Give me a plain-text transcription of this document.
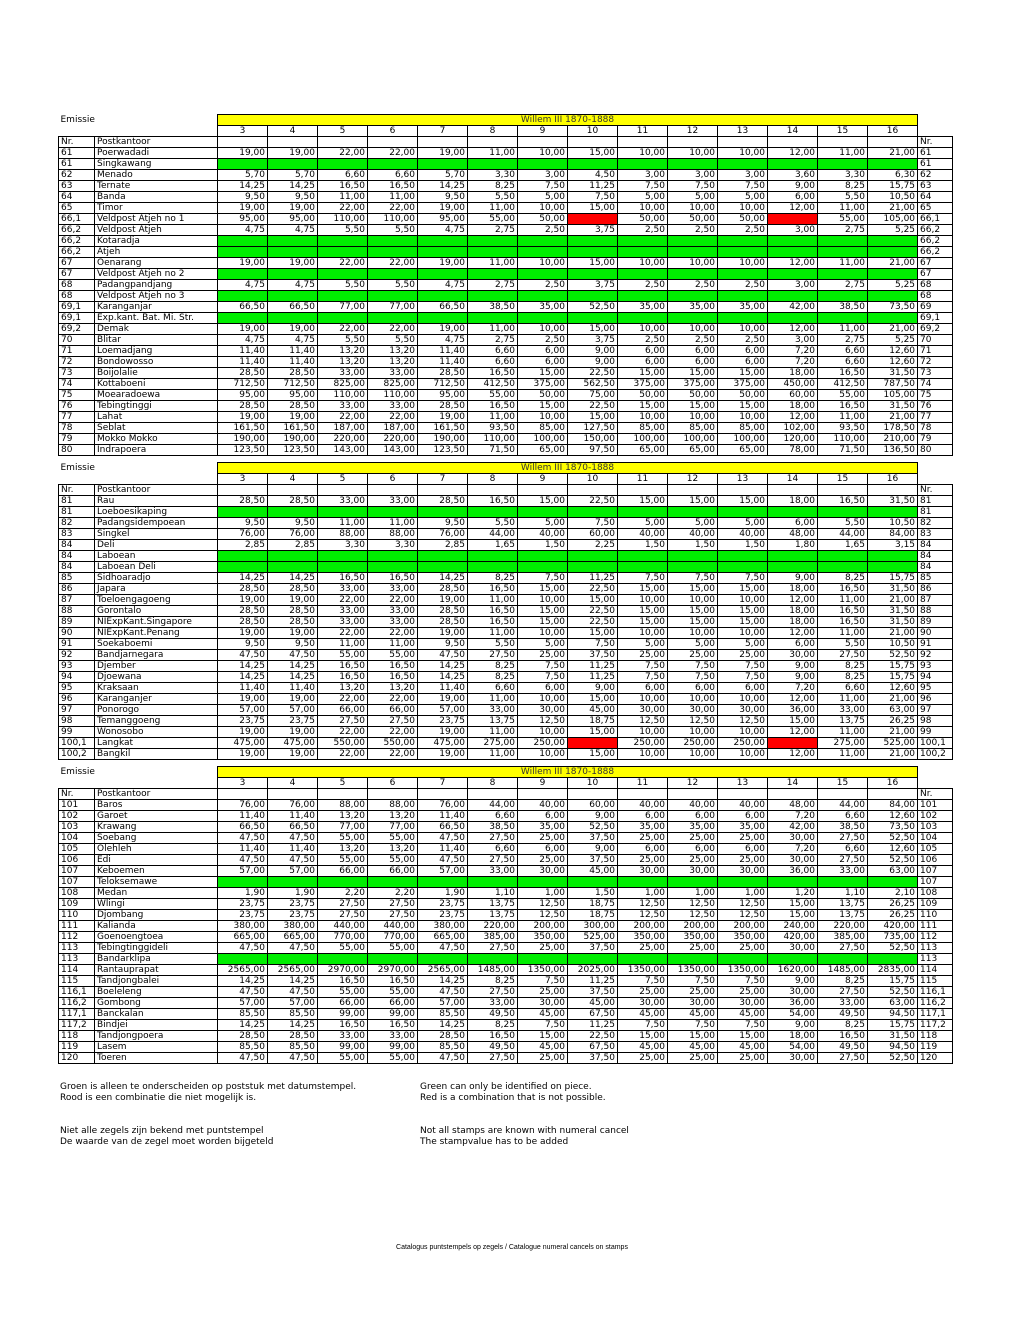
Emissie		Willem III 1870-1888														
		3	4	5	6	7	8	9	10	11	12	13	14	15	16	
Nr.	Postkantoor															Nr.
61	Poerwadadi	19,00	19,00	22,00	22,00	19,00	11,00	10,00	15,00	10,00	10,00	10,00	12,00	11,00	21,00	61
61	Singkawang															61
62	Menado	5,70	5,70	6,60	6,60	5,70	3,30	3,00	4,50	3,00	3,00	3,00	3,60	3,30	6,30	62
63	Ternate	14,25	14,25	16,50	16,50	14,25	8,25	7,50	11,25	7,50	7,50	7,50	9,00	8,25	15,75	63
64	Banda	9,50	9,50	11,00	11,00	9,50	5,50	5,00	7,50	5,00	5,00	5,00	6,00	5,50	10,50	64
65	Timor	19,00	19,00	22,00	22,00	19,00	11,00	10,00	15,00	10,00	10,00	10,00	12,00	11,00	21,00	65
66,1	Veldpost Atjeh no 1	95,00	95,00	110,00	110,00	95,00	55,00	50,00		50,00	50,00	50,00		55,00	105,00	66,1
66,2	Veldpost Atjeh	4,75	4,75	5,50	5,50	4,75	2,75	2,50	3,75	2,50	2,50	2,50	3,00	2,75	5,25	66,2
66,2	Kotaradja															66,2
66,2	Atjeh															66,2
67	Oenarang	19,00	19,00	22,00	22,00	19,00	11,00	10,00	15,00	10,00	10,00	10,00	12,00	11,00	21,00	67
67	Veldpost Atjeh no 2															67
68	Padangpandjang	4,75	4,75	5,50	5,50	4,75	2,75	2,50	3,75	2,50	2,50	2,50	3,00	2,75	5,25	68
68	Veldpost Atjeh no 3															68
69,1	Karanganjar	66,50	66,50	77,00	77,00	66,50	38,50	35,00	52,50	35,00	35,00	35,00	42,00	38,50	73,50	69
69,1	Exp.kant. Bat. Mi. Str.															69,1
69,2	Demak	19,00	19,00	22,00	22,00	19,00	11,00	10,00	15,00	10,00	10,00	10,00	12,00	11,00	21,00	69,2
70	Blitar	4,75	4,75	5,50	5,50	4,75	2,75	2,50	3,75	2,50	2,50	2,50	3,00	2,75	5,25	70
71	Loemadjang	11,40	11,40	13,20	13,20	11,40	6,60	6,00	9,00	6,00	6,00	6,00	7,20	6,60	12,60	71
72	Bondowosso	11,40	11,40	13,20	13,20	11,40	6,60	6,00	9,00	6,00	6,00	6,00	7,20	6,60	12,60	72
73	Boijolalie	28,50	28,50	33,00	33,00	28,50	16,50	15,00	22,50	15,00	15,00	15,00	18,00	16,50	31,50	73
74	Kottaboeni	712,50	712,50	825,00	825,00	712,50	412,50	375,00	562,50	375,00	375,00	375,00	450,00	412,50	787,50	74
75	Moearadoewa	95,00	95,00	110,00	110,00	95,00	55,00	50,00	75,00	50,00	50,00	50,00	60,00	55,00	105,00	75
76	Tebingtinggi	28,50	28,50	33,00	33,00	28,50	16,50	15,00	22,50	15,00	15,00	15,00	18,00	16,50	31,50	76
77	Lahat	19,00	19,00	22,00	22,00	19,00	11,00	10,00	15,00	10,00	10,00	10,00	12,00	11,00	21,00	77
78	Seblat	161,50	161,50	187,00	187,00	161,50	93,50	85,00	127,50	85,00	85,00	85,00	102,00	93,50	178,50	78
79	Mokko Mokko	190,00	190,00	220,00	220,00	190,00	110,00	100,00	150,00	100,00	100,00	100,00	120,00	110,00	210,00	79
80	Indrapoera	123,50	123,50	143,00	143,00	123,50	71,50	65,00	97,50	65,00	65,00	65,00	78,00	71,50	136,50	80
Emissie		Willem III 1870-1888														
		3	4	5	6	7	8	9	10	11	12	13	14	15	16	
Nr.	Postkantoor															Nr.
81	Rau	28,50	28,50	33,00	33,00	28,50	16,50	15,00	22,50	15,00	15,00	15,00	18,00	16,50	31,50	81
81	Loeboesikaping															81
82	Padangsidempoean	9,50	9,50	11,00	11,00	9,50	5,50	5,00	7,50	5,00	5,00	5,00	6,00	5,50	10,50	82
83	Singkel	76,00	76,00	88,00	88,00	76,00	44,00	40,00	60,00	40,00	40,00	40,00	48,00	44,00	84,00	83
84	Deli	2,85	2,85	3,30	3,30	2,85	1,65	1,50	2,25	1,50	1,50	1,50	1,80	1,65	3,15	84
84	Laboean															84
84	Laboean Deli															84
85	Sidhoaradjo	14,25	14,25	16,50	16,50	14,25	8,25	7,50	11,25	7,50	7,50	7,50	9,00	8,25	15,75	85
86	Japara	28,50	28,50	33,00	33,00	28,50	16,50	15,00	22,50	15,00	15,00	15,00	18,00	16,50	31,50	86
87	Toeloengagoeng	19,00	19,00	22,00	22,00	19,00	11,00	10,00	15,00	10,00	10,00	10,00	12,00	11,00	21,00	87
88	Gorontalo	28,50	28,50	33,00	33,00	28,50	16,50	15,00	22,50	15,00	15,00	15,00	18,00	16,50	31,50	88
89	NIExpKant.Singapore	28,50	28,50	33,00	33,00	28,50	16,50	15,00	22,50	15,00	15,00	15,00	18,00	16,50	31,50	89
90	NIExpKant.Penang	19,00	19,00	22,00	22,00	19,00	11,00	10,00	15,00	10,00	10,00	10,00	12,00	11,00	21,00	90
91	Soekaboemi	9,50	9,50	11,00	11,00	9,50	5,50	5,00	7,50	5,00	5,00	5,00	6,00	5,50	10,50	91
92	Bandjarnegara	47,50	47,50	55,00	55,00	47,50	27,50	25,00	37,50	25,00	25,00	25,00	30,00	27,50	52,50	92
93	Djember	14,25	14,25	16,50	16,50	14,25	8,25	7,50	11,25	7,50	7,50	7,50	9,00	8,25	15,75	93
94	Djoewana	14,25	14,25	16,50	16,50	14,25	8,25	7,50	11,25	7,50	7,50	7,50	9,00	8,25	15,75	94
95	Kraksaan	11,40	11,40	13,20	13,20	11,40	6,60	6,00	9,00	6,00	6,00	6,00	7,20	6,60	12,60	95
96	Karanganjer	19,00	19,00	22,00	22,00	19,00	11,00	10,00	15,00	10,00	10,00	10,00	12,00	11,00	21,00	96
97	Ponorogo	57,00	57,00	66,00	66,00	57,00	33,00	30,00	45,00	30,00	30,00	30,00	36,00	33,00	63,00	97
98	Temanggoeng	23,75	23,75	27,50	27,50	23,75	13,75	12,50	18,75	12,50	12,50	12,50	15,00	13,75	26,25	98
99	Wonosobo	19,00	19,00	22,00	22,00	19,00	11,00	10,00	15,00	10,00	10,00	10,00	12,00	11,00	21,00	99
100,1	Langkat	475,00	475,00	550,00	550,00	475,00	275,00	250,00		250,00	250,00	250,00		275,00	525,00	100,1
100,2	Bangkil	19,00	19,00	22,00	22,00	19,00	11,00	10,00	15,00	10,00	10,00	10,00	12,00	11,00	21,00	100,2
Emissie		Willem III 1870-1888														
		3	4	5	6	7	8	9	10	11	12	13	14	15	16	
Nr.	Postkantoor															Nr.
101	Baros	76,00	76,00	88,00	88,00	76,00	44,00	40,00	60,00	40,00	40,00	40,00	48,00	44,00	84,00	101
102	Garoet	11,40	11,40	13,20	13,20	11,40	6,60	6,00	9,00	6,00	6,00	6,00	7,20	6,60	12,60	102
103	Krawang	66,50	66,50	77,00	77,00	66,50	38,50	35,00	52,50	35,00	35,00	35,00	42,00	38,50	73,50	103
104	Soebang	47,50	47,50	55,00	55,00	47,50	27,50	25,00	37,50	25,00	25,00	25,00	30,00	27,50	52,50	104
105	Olehleh	11,40	11,40	13,20	13,20	11,40	6,60	6,00	9,00	6,00	6,00	6,00	7,20	6,60	12,60	105
106	Edi	47,50	47,50	55,00	55,00	47,50	27,50	25,00	37,50	25,00	25,00	25,00	30,00	27,50	52,50	106
107	Keboemen	57,00	57,00	66,00	66,00	57,00	33,00	30,00	45,00	30,00	30,00	30,00	36,00	33,00	63,00	107
107	Teloksemawe															107
108	Medan	1,90	1,90	2,20	2,20	1,90	1,10	1,00	1,50	1,00	1,00	1,00	1,20	1,10	2,10	108
109	Wlingi	23,75	23,75	27,50	27,50	23,75	13,75	12,50	18,75	12,50	12,50	12,50	15,00	13,75	26,25	109
110	Djombang	23,75	23,75	27,50	27,50	23,75	13,75	12,50	18,75	12,50	12,50	12,50	15,00	13,75	26,25	110
111	Kalianda	380,00	380,00	440,00	440,00	380,00	220,00	200,00	300,00	200,00	200,00	200,00	240,00	220,00	420,00	111
112	Goenoengtoea	665,00	665,00	770,00	770,00	665,00	385,00	350,00	525,00	350,00	350,00	350,00	420,00	385,00	735,00	112
113	Tebingtinggideli	47,50	47,50	55,00	55,00	47,50	27,50	25,00	37,50	25,00	25,00	25,00	30,00	27,50	52,50	113
113	Bandarklipa															113
114	Rantauprapat	2565,00	2565,00	2970,00	2970,00	2565,00	1485,00	1350,00	2025,00	1350,00	1350,00	1350,00	1620,00	1485,00	2835,00	114
115	Tandjongbalei	14,25	14,25	16,50	16,50	14,25	8,25	7,50	11,25	7,50	7,50	7,50	9,00	8,25	15,75	115
116,1	Boeleleng	47,50	47,50	55,00	55,00	47,50	27,50	25,00	37,50	25,00	25,00	25,00	30,00	27,50	52,50	116,1
116,2	Gombong	57,00	57,00	66,00	66,00	57,00	33,00	30,00	45,00	30,00	30,00	30,00	36,00	33,00	63,00	116,2
117,1	Banckalan	85,50	85,50	99,00	99,00	85,50	49,50	45,00	67,50	45,00	45,00	45,00	54,00	49,50	94,50	117,1
117,2	Bindjei	14,25	14,25	16,50	16,50	14,25	8,25	7,50	11,25	7,50	7,50	7,50	9,00	8,25	15,75	117,2
118	Tandjongpoera	28,50	28,50	33,00	33,00	28,50	16,50	15,00	22,50	15,00	15,00	15,00	18,00	16,50	31,50	118
119	Lasem	85,50	85,50	99,00	99,00	85,50	49,50	45,00	67,50	45,00	45,00	45,00	54,00	49,50	94,50	119
120	Toeren	47,50	47,50	55,00	55,00	47,50	27,50	25,00	37,50	25,00	25,00	25,00	30,00	27,50	52,50	120
Groen is alleen te onderscheiden op poststuk met datumstempel.
Rood is een combinatie die niet mogelijk is.
Green can only be identified on piece.
Red is a combination that is not possible.
Niet alle zegels zijn bekend met puntstempel
De waarde van de zegel moet worden bijgeteld
Not all stamps are known with numeral cancel
The stampvalue has to be added
Catalogus puntstempels op zegels / Catalogue numeral cancels on stamps
